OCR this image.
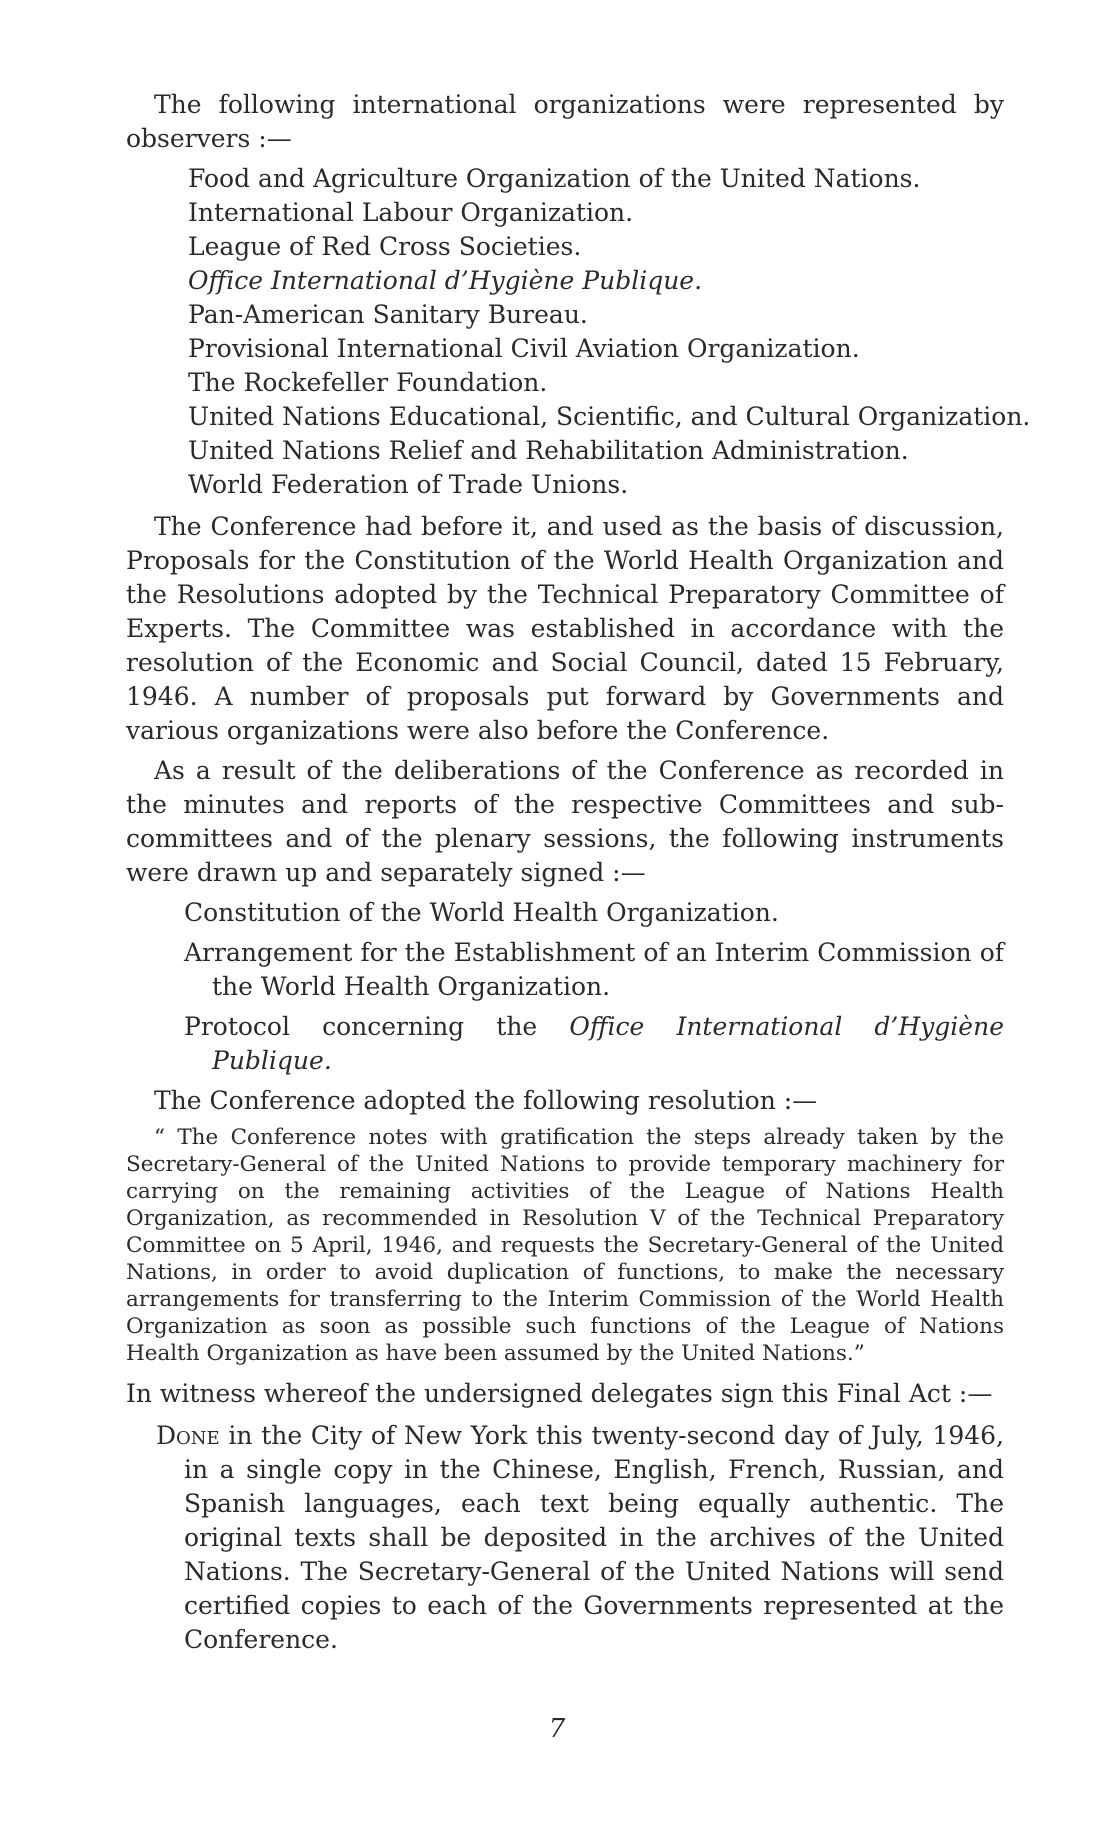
The following international organizations were represented by observers :—

Food and Agriculture Organization of the United Nations.
International Labour Organization.
League of Red Cross Societies.
Office International d’Hygiène Publique.
Pan-American Sanitary Bureau.
Provisional International Civil Aviation Organization.
The Rockefeller Foundation.
United Nations Educational, Scientific, and Cultural Organization.
United Nations Relief and Rehabilitation Administration.
World Federation of Trade Unions.

The Conference had before it, and used as the basis of discussion, Proposals for the Constitution of the World Health Organization and the Resolutions adopted by the Technical Preparatory Committee of Experts. The Committee was established in accordance with the resolution of the Economic and Social Council, dated 15 February, 1946. A number of proposals put forward by Governments and various organizations were also before the Conference.

As a result of the deliberations of the Conference as recorded in the minutes and reports of the respective Committees and sub-committees and of the plenary sessions, the following instruments were drawn up and separately signed :—

Constitution of the World Health Organization.

Arrangement for the Establishment of an Interim Commission of the World Health Organization.

Protocol concerning the Office International d’Hygiène Publique.

The Conference adopted the following resolution :—

“ The Conference notes with gratification the steps already taken by the Secretary-General of the United Nations to provide temporary machinery for carrying on the remaining activities of the League of Nations Health Organization, as recommended in Resolution V of the Technical Preparatory Committee on 5 April, 1946, and requests the Secretary-General of the United Nations, in order to avoid duplication of functions, to make the necessary arrangements for transferring to the Interim Commission of the World Health Organization as soon as possible such functions of the League of Nations Health Organization as have been assumed by the United Nations.”

In witness whereof the undersigned delegates sign this Final Act :—

Done in the City of New York this twenty-second day of July, 1946, in a single copy in the Chinese, English, French, Russian, and Spanish languages, each text being equally authentic. The original texts shall be deposited in the archives of the United Nations. The Secretary-General of the United Nations will send certified copies to each of the Governments represented at the Conference.

7
